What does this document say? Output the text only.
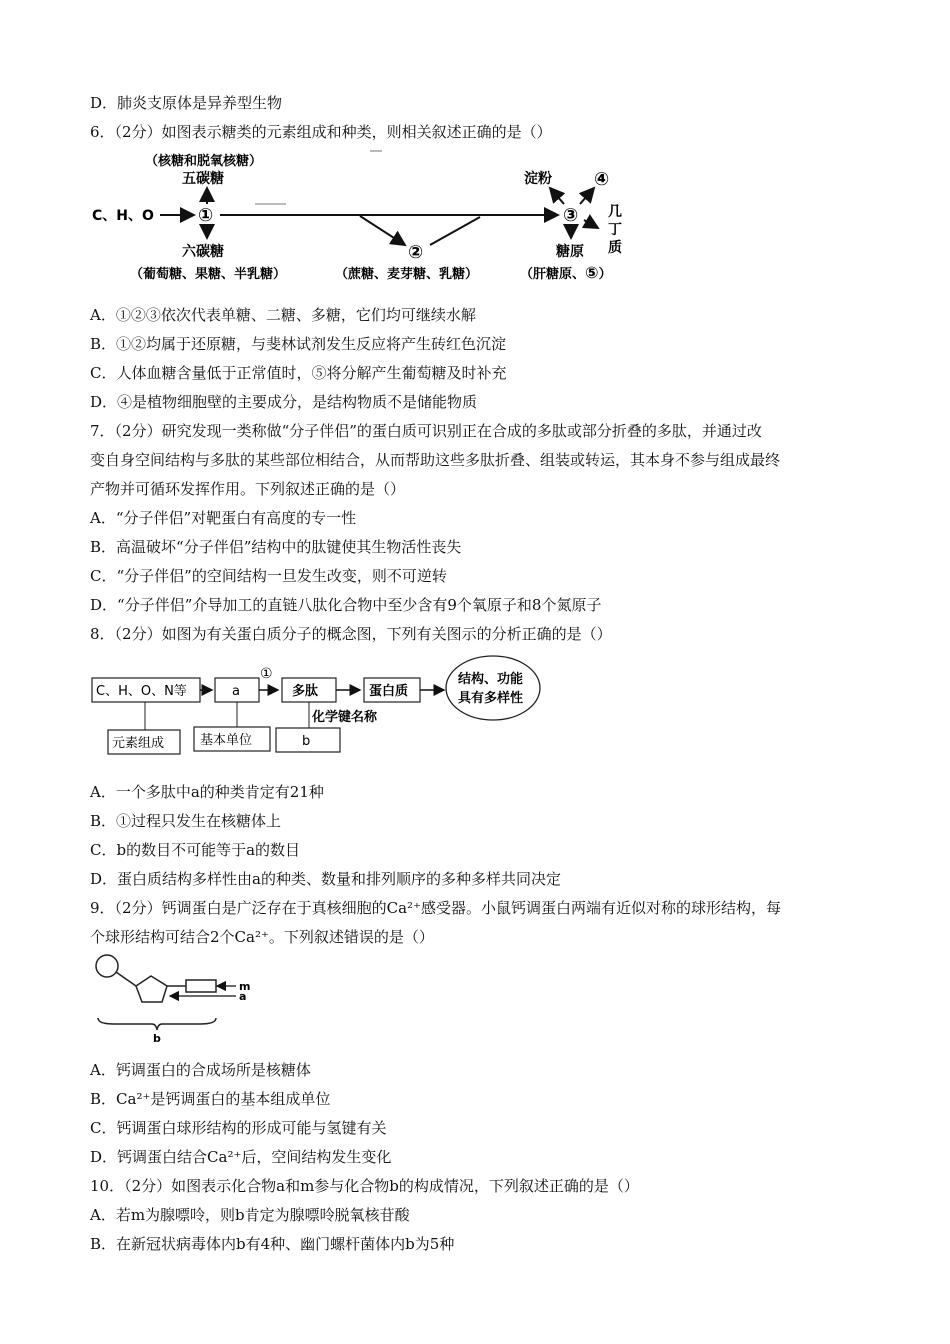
D．肺炎支原体是异养型生物
6．（2分）如图表示糖类的元素组成和种类，则相关叙述正确的是（）
（核糖和脱氧核糖）
五碳糖
C、H、O ①
六碳糖
（葡萄糖、果糖、半乳糖）
②
（蔗糖、麦芽糖、乳糖）
③
淀粉 ④
几
丁
质
糖原
（肝糖原、⑤）
A．①②③依次代表单糖、二糖、多糖，它们均可继续水解
B．①②均属于还原糖，与斐林试剂发生反应将产生砖红色沉淀
C．人体血糖含量低于正常值时，⑤将分解产生葡萄糖及时补充
D．④是植物细胞壁的主要成分，是结构物质不是储能物质
7．（2分）研究发现一类称做“分子伴侣”的蛋白质可识别正在合成的多肽或部分折叠的多肽，并通过改
变自身空间结构与多肽的某些部位相结合，从而帮助这些多肽折叠、组装或转运，其本身不参与组成最终
产物并可循环发挥作用。下列叙述正确的是（）
A．“分子伴侣”对靶蛋白有高度的专一性
B．高温破坏“分子伴侣”结构中的肽键使其生物活性丧失
C．“分子伴侣”的空间结构一旦发生改变，则不可逆转
D．“分子伴侣”介导加工的直链八肽化合物中至少含有9个氧原子和8个氮原子
8．（2分）如图为有关蛋白质分子的概念图，下列有关图示的分析正确的是（）
C、H、O、N等	a
①
多肽	蛋白质
结构、功能
具有多样性
元素组成	基本单位	b
化学键名称
A．一个多肽中a的种类肯定有21种
B．①过程只发生在核糖体上
C．b的数目不可能等于a的数目
D．蛋白质结构多样性由a的种类、数量和排列顺序的多种多样共同决定
9．（2分）钙调蛋白是广泛存在于真核细胞的Ca²⁺感受器。小鼠钙调蛋白两端有近似对称的球形结构，每
个球形结构可结合2个Ca²⁺。下列叙述错误的是（）
m
a
b
A．钙调蛋白的合成场所是核糖体
B．Ca²⁺是钙调蛋白的基本组成单位
C．钙调蛋白球形结构的形成可能与氢键有关
D．钙调蛋白结合Ca²⁺后，空间结构发生变化
10．（2分）如图表示化合物a和m参与化合物b的构成情况，下列叙述正确的是（）
A．若m为腺嘌呤，则b肯定为腺嘌呤脱氧核苷酸
B．在新冠状病毒体内b有4种、幽门螺杆菌体内b为5种
